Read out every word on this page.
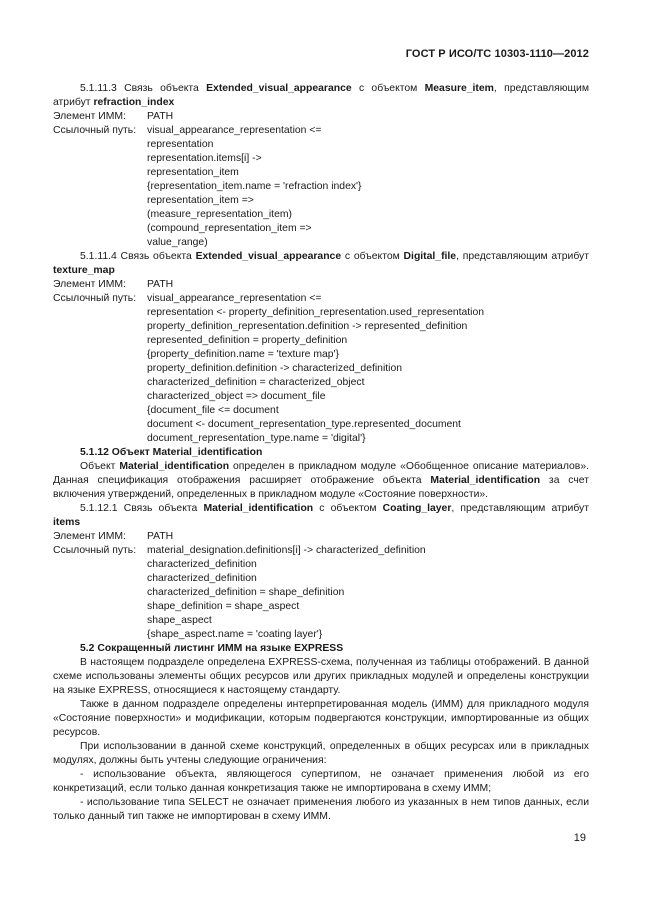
ГОСТ Р ИСО/ТС 10303-1110—2012

5.1.11.3 Связь объекта Extended_visual_appearance с объектом Measure_item, представляющим атрибут refraction_index

Элемент ИММ:	PATH
Ссылочный путь:	visual_appearance_representation <=
representation
representation.items[i] ->
representation_item
{representation_item.name = 'refraction index'}
representation_item =>
(measure_representation_item)
(compound_representation_item =>
value_range)

5.1.11.4 Связь объекта Extended_visual_appearance с объектом Digital_file, представляющим атрибут texture_map

Элемент ИММ:	PATH
Ссылочный путь:	visual_appearance_representation <=
representation <- property_definition_representation.used_representation
property_definition_representation.definition -> represented_definition
represented_definition = property_definition
{property_definition.name = 'texture map'}
property_definition.definition -> characterized_definition
characterized_definition = characterized_object
characterized_object => document_file
{document_file <= document
document <- document_representation_type.represented_document
document_representation_type.name = 'digital'}

5.1.12 Объект Material_identification

Объект Material_identification определен в прикладном модуле «Обобщенное описание материалов». Данная спецификация отображения расширяет отображение объекта Material_identification за счет включения утверждений, определенных в прикладном модуле «Состояние поверхности».

5.1.12.1 Связь объекта Material_identification с объектом Coating_layer, представляющим атрибут items

Элемент ИММ:	PATH
Ссылочный путь:	material_designation.definitions[i] -> characterized_definition
characterized_definition
characterized_definition
characterized_definition = shape_definition
shape_definition = shape_aspect
shape_aspect
{shape_aspect.name = 'coating layer'}

5.2 Сокращенный листинг ИММ на языке EXPRESS

В настоящем подразделе определена EXPRESS-схема, полученная из таблицы отображений. В данной схеме использованы элементы общих ресурсов или других прикладных модулей и определены конструкции на языке EXPRESS, относящиеся к настоящему стандарту.

Также в данном подразделе определены интерпретированная модель (ИММ) для прикладного модуля «Состояние поверхности» и модификации, которым подвергаются конструкции, импортированные из общих ресурсов.

При использовании в данной схеме конструкций, определенных в общих ресурсах или в прикладных модулях, должны быть учтены следующие ограничения:

- использование объекта, являющегося супертипом, не означает применения любой из его конкретизаций, если только данная конкретизация также не импортирована в схему ИММ;

- использование типа SELECT не означает применения любого из указанных в нем типов данных, если только данный тип также не импортирован в схему ИММ.

19
